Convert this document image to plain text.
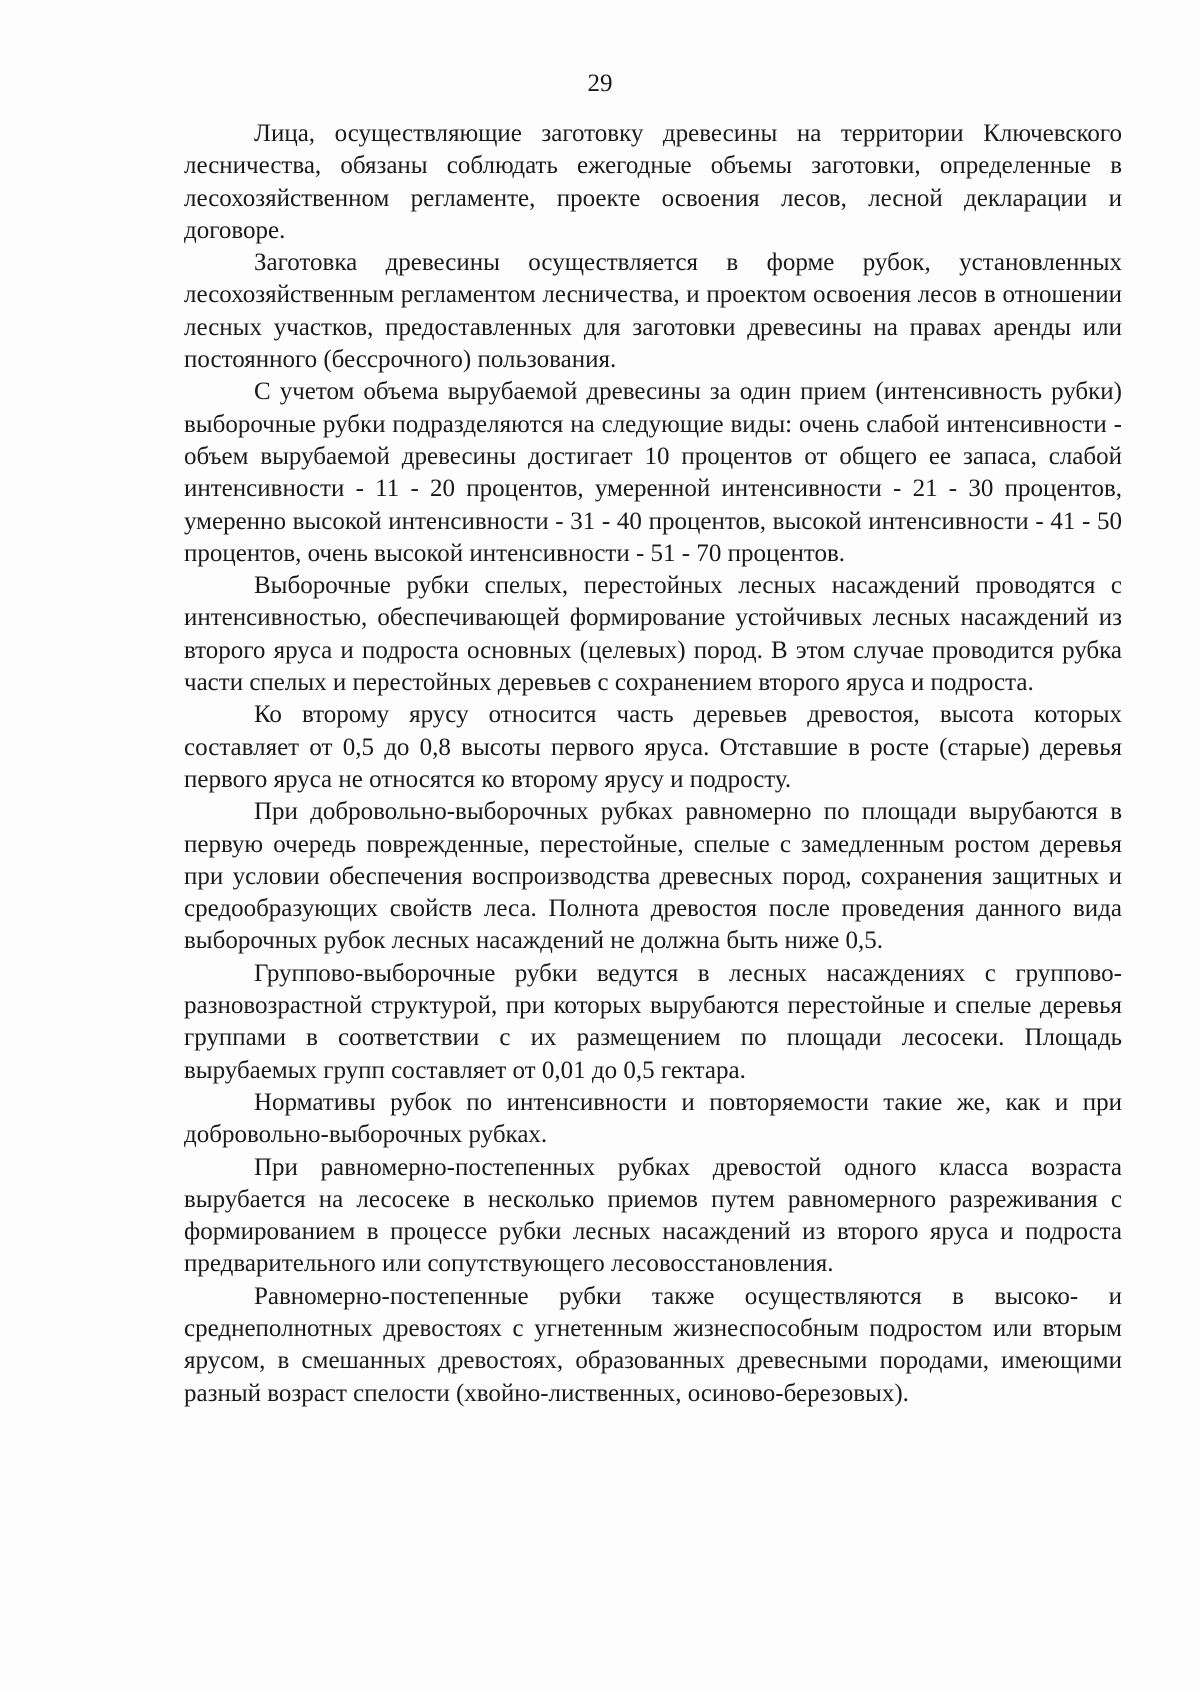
29

Лица, осуществляющие заготовку древесины на территории Ключевского лесничества, обязаны соблюдать ежегодные объемы заготовки, определенные в лесохозяйственном регламенте, проекте освоения лесов, лесной декларации и договоре.

Заготовка древесины осуществляется в форме рубок, установленных лесохозяйственным регламентом лесничества, и проектом освоения лесов в отношении лесных участков, предоставленных для заготовки древесины на правах аренды или постоянного (бессрочного) пользования.

С учетом объема вырубаемой древесины за один прием (интенсивность рубки) выборочные рубки подразделяются на следующие виды: очень слабой интенсивности - объем вырубаемой древесины достигает 10 процентов от общего ее запаса, слабой интенсивности - 11 - 20 процентов, умеренной интенсивности - 21 - 30 процентов, умеренно высокой интенсивности - 31 - 40 процентов, высокой интенсивности - 41 - 50 процентов, очень высокой интенсивности - 51 - 70 процентов.

Выборочные рубки спелых, перестойных лесных насаждений проводятся с интенсивностью, обеспечивающей формирование устойчивых лесных насаждений из второго яруса и подроста основных (целевых) пород. В этом случае проводится рубка части спелых и перестойных деревьев с сохранением второго яруса и подроста.

Ко второму ярусу относится часть деревьев древостоя, высота которых составляет от 0,5 до 0,8 высоты первого яруса. Отставшие в росте (старые) деревья первого яруса не относятся ко второму ярусу и подросту.

При добровольно-выборочных рубках равномерно по площади вырубаются в первую очередь поврежденные, перестойные, спелые с замедленным ростом деревья при условии обеспечения воспроизводства древесных пород, сохранения защитных и средообразующих свойств леса. Полнота древостоя после проведения данного вида выборочных рубок лесных насаждений не должна быть ниже 0,5.

Группово-выборочные рубки ведутся в лесных насаждениях с группово-разновозрастной структурой, при которых вырубаются перестойные и спелые деревья группами в соответствии с их размещением по площади лесосеки. Площадь вырубаемых групп составляет от 0,01 до 0,5 гектара.

Нормативы рубок по интенсивности и повторяемости такие же, как и при добровольно-выборочных рубках.

При равномерно-постепенных рубках древостой одного класса возраста вырубается на лесосеке в несколько приемов путем равномерного разреживания с формированием в процессе рубки лесных насаждений из второго яруса и подроста предварительного или сопутствующего лесовосстановления.

Равномерно-постепенные рубки также осуществляются в высоко- и среднеполнотных древостоях с угнетенным жизнеспособным подростом или вторым ярусом, в смешанных древостоях, образованных древесными породами, имеющими разный возраст спелости (хвойно-лиственных, осиново-березовых).
